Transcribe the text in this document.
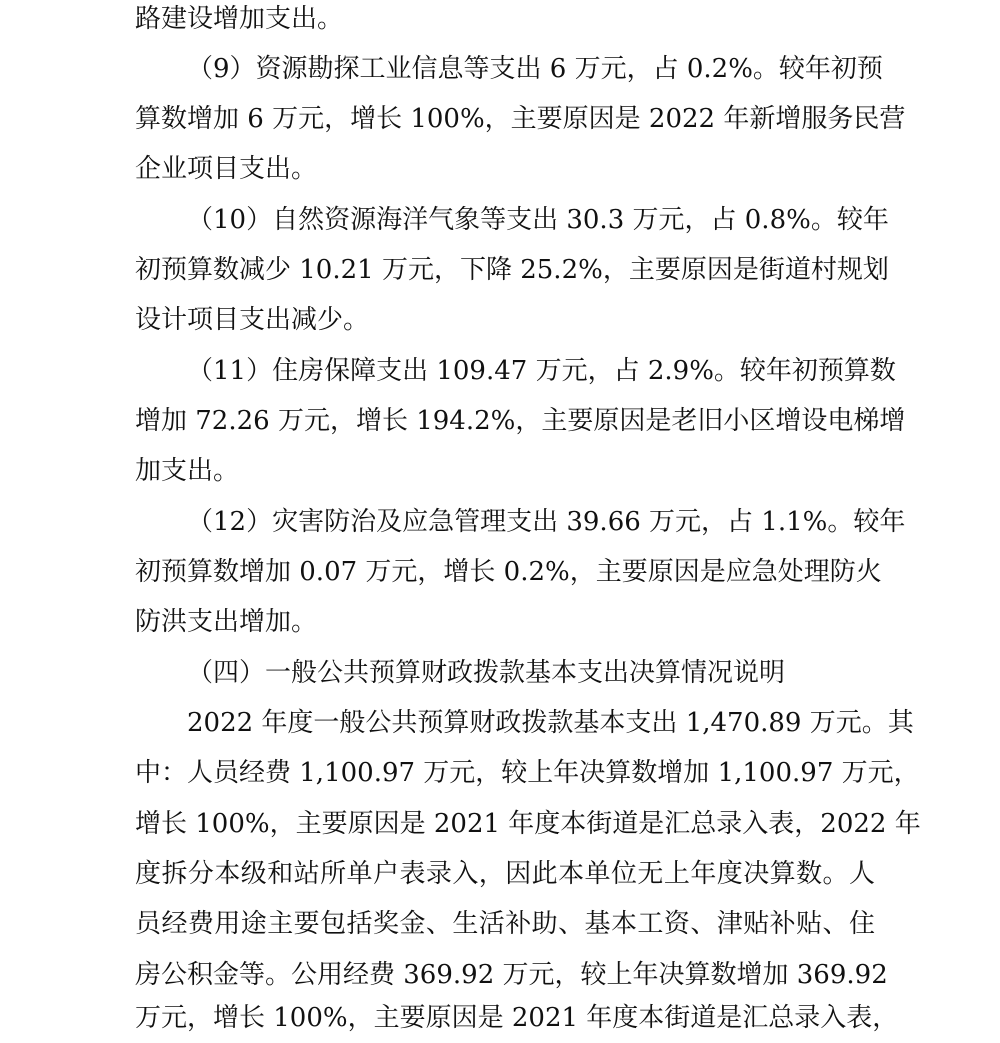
路建设增加支出。
（9）资源勘探工业信息等支出 6 万元，占 0.2%。较年初预
算数增加 6 万元，增长 100%，主要原因是 2022 年新增服务民营
企业项目支出。
（10）自然资源海洋气象等支出 30.3 万元，占 0.8%。较年
初预算数减少 10.21 万元，下降 25.2%，主要原因是街道村规划
设计项目支出减少。
（11）住房保障支出 109.47 万元，占 2.9%。较年初预算数
增加 72.26 万元，增长 194.2%，主要原因是老旧小区增设电梯增
加支出。
（12）灾害防治及应急管理支出 39.66 万元，占 1.1%。较年
初预算数增加 0.07 万元，增长 0.2%，主要原因是应急处理防火
防洪支出增加。
（四）一般公共预算财政拨款基本支出决算情况说明
2022 年度一般公共预算财政拨款基本支出 1,470.89 万元。其
中：人员经费 1,100.97 万元，较上年决算数增加 1,100.97 万元，
增长 100%，主要原因是 2021 年度本街道是汇总录入表，2022 年
度拆分本级和站所单户表录入，因此本单位无上年度决算数。人
员经费用途主要包括奖金、生活补助、基本工资、津贴补贴、住
房公积金等。公用经费 369.92 万元，较上年决算数增加 369.92
万元，增长 100%，主要原因是 2021 年度本街道是汇总录入表，
